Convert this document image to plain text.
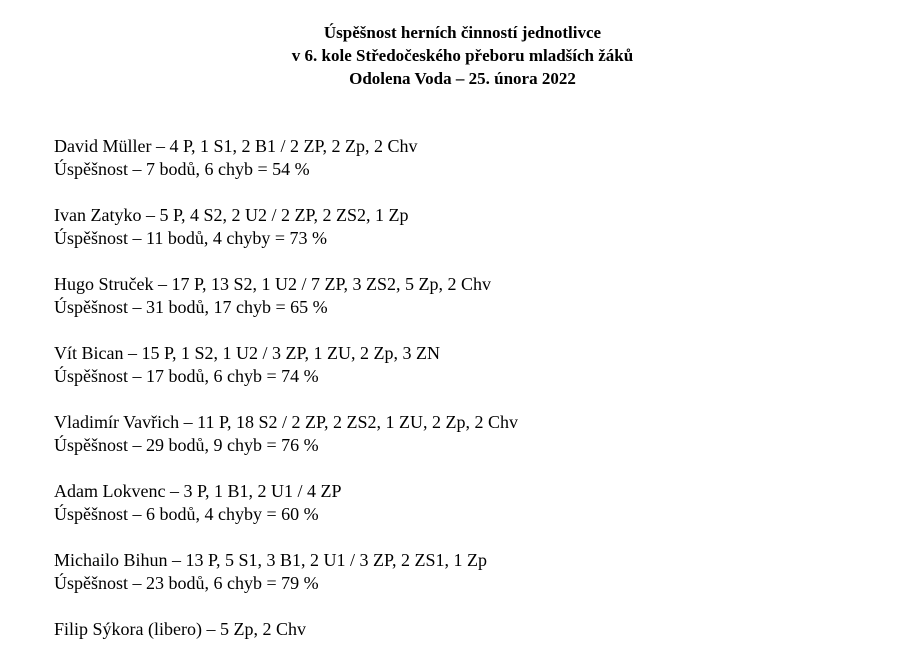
Úspěšnost herních činností jednotlivce
v 6. kole Středočeského přeboru mladších žáků
Odolena Voda – 25. února 2022
David Müller – 4 P, 1 S1, 2 B1 / 2 ZP, 2 Zp, 2 Chv
Úspěšnost – 7 bodů, 6 chyb = 54 %
Ivan Zatyko – 5 P, 4 S2, 2 U2 / 2 ZP, 2 ZS2, 1 Zp
Úspěšnost – 11 bodů, 4 chyby = 73 %
Hugo Struček – 17 P, 13 S2, 1 U2 / 7 ZP, 3 ZS2, 5 Zp, 2 Chv
Úspěšnost – 31 bodů, 17 chyb = 65 %
Vít Bican – 15 P, 1 S2, 1 U2 / 3 ZP, 1 ZU, 2 Zp, 3 ZN
Úspěšnost – 17 bodů, 6 chyb = 74 %
Vladimír Vavřich – 11 P, 18 S2 / 2 ZP, 2 ZS2, 1 ZU, 2 Zp, 2 Chv
Úspěšnost – 29 bodů, 9 chyb = 76 %
Adam Lokvenc – 3 P, 1 B1, 2 U1 / 4 ZP
Úspěšnost – 6 bodů, 4 chyby = 60 %
Michailo Bihun – 13 P, 5 S1, 3 B1, 2 U1 / 3 ZP, 2 ZS1, 1 Zp
Úspěšnost – 23 bodů, 6 chyb = 79 %
Filip Sýkora (libero) – 5 Zp, 2 Chv
